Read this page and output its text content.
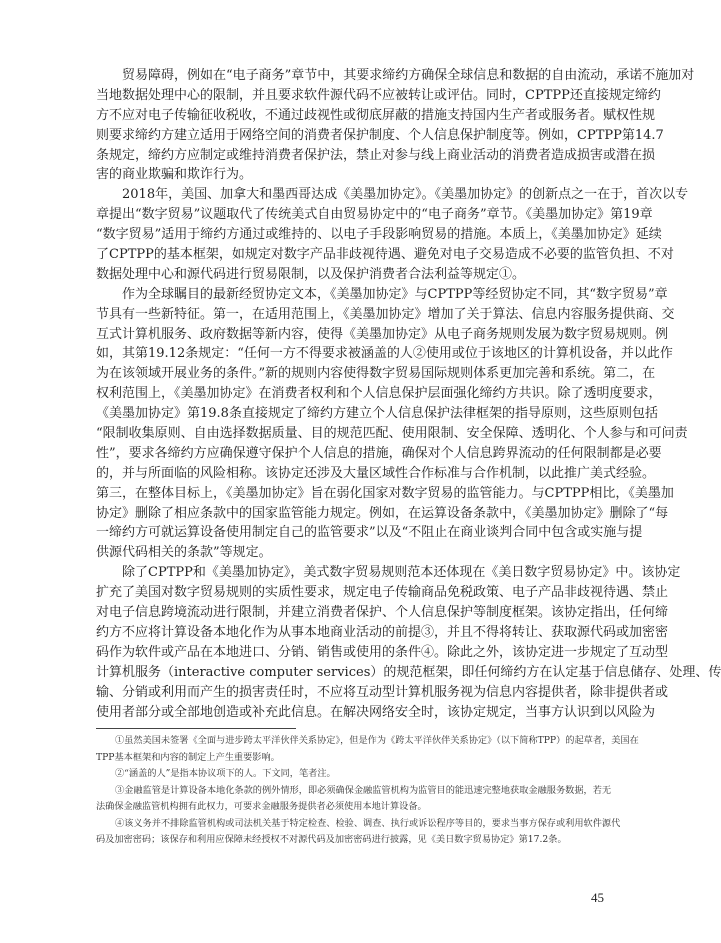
贸易障碍，例如在“电子商务”章节中，其要求缔约方确保全球信息和数据的自由流动，承诺不施加对
当地数据处理中心的限制，并且要求软件源代码不应被转让或评估。同时，CPTPP还直接规定缔约
方不应对电子传输征收税收，不通过歧视性或彻底屏蔽的措施支持国内生产者或服务者。赋权性规
则要求缔约方建立适用于网络空间的消费者保护制度、个人信息保护制度等。例如，CPTPP第14.7
条规定，缔约方应制定或维持消费者保护法，禁止对参与线上商业活动的消费者造成损害或潜在损
害的商业欺骗和欺诈行为。
2018年，美国、加拿大和墨西哥达成《美墨加协定》。《美墨加协定》的创新点之一在于，首次以专
章提出“数字贸易”议题取代了传统美式自由贸易协定中的“电子商务”章节。《美墨加协定》第19章
“数字贸易”适用于缔约方通过或维持的、以电子手段影响贸易的措施。本质上，《美墨加协定》延续
了CPTPP的基本框架，如规定对数字产品非歧视待遇、避免对电子交易造成不必要的监管负担、不对
数据处理中心和源代码进行贸易限制，以及保护消费者合法利益等规定①。
作为全球瞩目的最新经贸协定文本，《美墨加协定》与CPTPP等经贸协定不同，其“数字贸易”章
节具有一些新特征。第一，在适用范围上，《美墨加协定》增加了关于算法、信息内容服务提供商、交
互式计算机服务、政府数据等新内容，使得《美墨加协定》从电子商务规则发展为数字贸易规则。例
如，其第19.12条规定：“任何一方不得要求被涵盖的人②使用或位于该地区的计算机设备，并以此作
为在该领域开展业务的条件。”新的规则内容使得数字贸易国际规则体系更加完善和系统。第二，在
权利范围上，《美墨加协定》在消费者权利和个人信息保护层面强化缔约方共识。除了透明度要求，
《美墨加协定》第19.8条直接规定了缔约方建立个人信息保护法律框架的指导原则，这些原则包括
“限制收集原则、自由选择数据质量、目的规范匹配、使用限制、安全保障、透明化、个人参与和可问责
性”，要求各缔约方应确保遵守保护个人信息的措施，确保对个人信息跨界流动的任何限制都是必要
的，并与所面临的风险相称。该协定还涉及大量区域性合作标准与合作机制，以此推广美式经验。
第三，在整体目标上，《美墨加协定》旨在弱化国家对数字贸易的监管能力。与CPTPP相比，《美墨加
协定》删除了相应条款中的国家监管能力规定。例如，在运算设备条款中，《美墨加协定》删除了“每
一缔约方可就运算设备使用制定自己的监管要求”以及“不阻止在商业谈判合同中包含或实施与提
供源代码相关的条款”等规定。
除了CPTPP和《美墨加协定》，美式数字贸易规则范本还体现在《美日数字贸易协定》中。该协定
扩充了美国对数字贸易规则的实质性要求，规定电子传输商品免税政策、电子产品非歧视待遇、禁止
对电子信息跨境流动进行限制，并建立消费者保护、个人信息保护等制度框架。该协定指出，任何缔
约方不应将计算设备本地化作为从事本地商业活动的前提③，并且不得将转让、获取源代码或加密密
码作为软件或产品在本地进口、分销、销售或使用的条件④。除此之外，该协定进一步规定了互动型
计算机服务（interactive computer services）的规范框架，即任何缔约方在认定基于信息储存、处理、传
输、分销或利用而产生的损害责任时，不应将互动型计算机服务视为信息内容提供者，除非提供者或
使用者部分或全部地创造或补充此信息。在解决网络安全时，该协定规定，当事方认识到以风险为
①虽然美国未签署《全面与进步跨太平洋伙伴关系协定》，但是作为《跨太平洋伙伴关系协定》（以下简称TPP）的起草者，美国在
TPP基本框架和内容的制定上产生重要影响。
②“涵盖的人”是指本协议项下的人。下文同，笔者注。
③金融监管是计算设备本地化条款的例外情形，即必须确保金融监管机构为监管目的能迅速完整地获取金融服务数据，若无
法确保金融监管机构拥有此权力，可要求金融服务提供者必须使用本地计算设备。
④该义务并不排除监管机构或司法机关基于特定检查、检验、调查、执行或诉讼程序等目的，要求当事方保存或利用软件源代
码及加密密码；该保存和利用应保障未经授权不对源代码及加密密码进行披露，见《美日数字贸易协定》第17.2条。
45
